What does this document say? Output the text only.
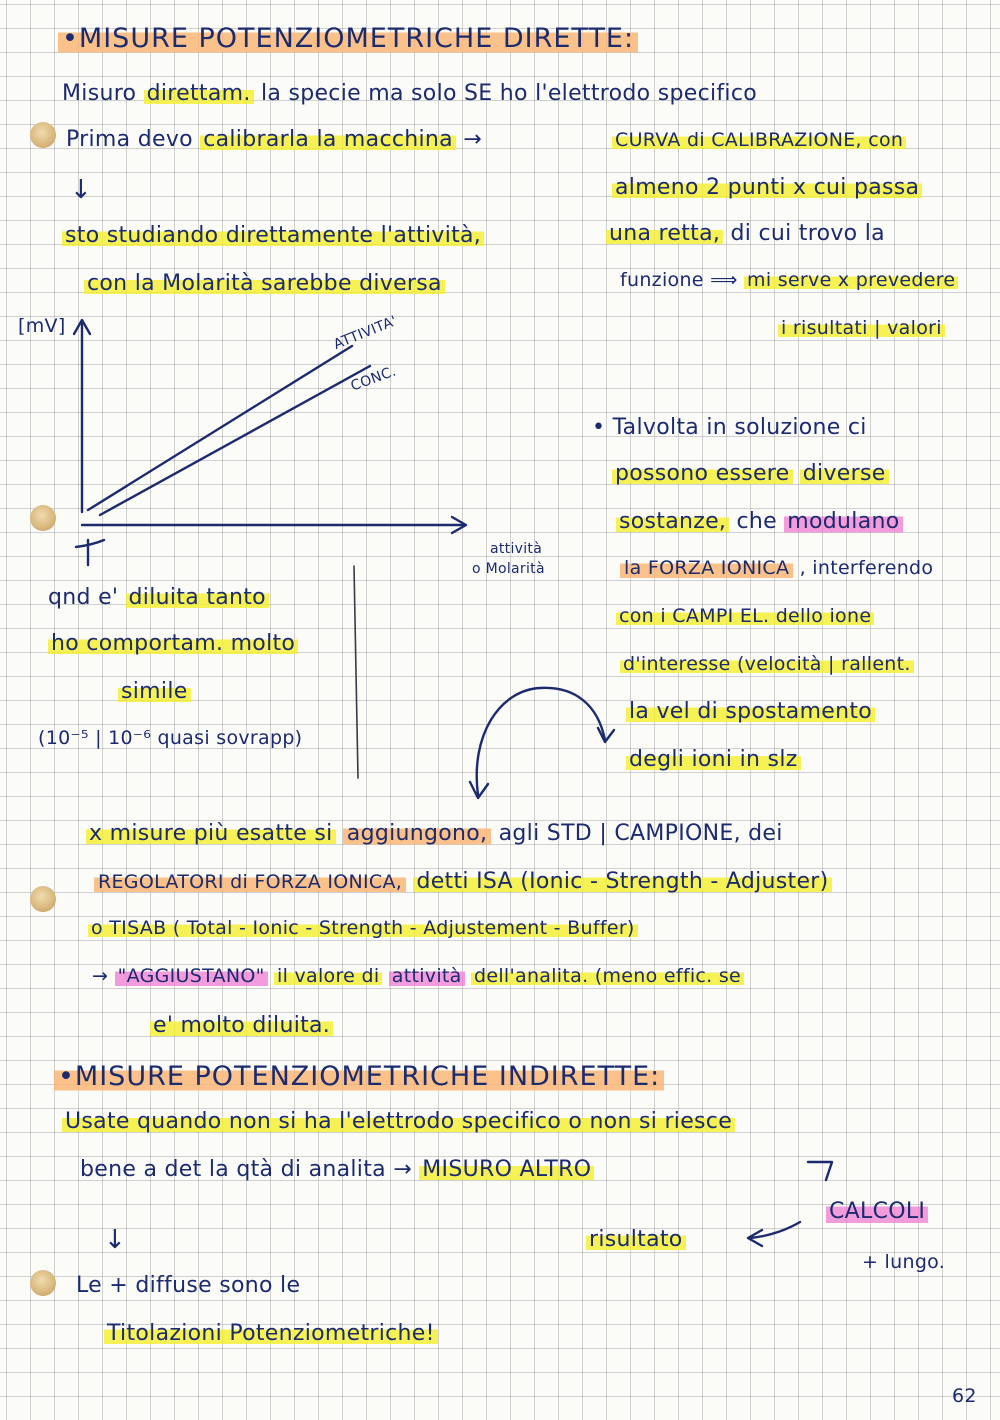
•MISURE POTENZIOMETRICHE DIRETTE:
Misuro direttam. la specie ma solo SE ho l'elettrodo specifico
Prima devo calibrarla la macchina →
↓
sto studiando direttamente l'attività,
con la Molarità sarebbe diversa
CURVA di CALIBRAZIONE, con
almeno 2 punti x cui passa
una retta, di cui trovo la
funzione ⟹ mi serve x prevedere
i risultati | valori
[mV]	ATTIVITA'
CONC.
attività
o Molarità
qnd e' diluita tanto
ho comportam. molto
simile
(10⁻⁵ | 10⁻⁶ quasi sovrapp)
• Talvolta in soluzione ci
possono essere diverse
sostanze, che modulano
la FORZA IONICA , interferendo
con i CAMPI EL. dello ione
d'interesse (velocità | rallent.
la vel di spostamento
degli ioni in slz
x misure più esatte si aggiungono, agli STD | CAMPIONE, dei
REGOLATORI di FORZA IONICA, detti ISA (Ionic - Strength - Adjuster)
o TISAB ( Total - Ionic - Strength - Adjustement - Buffer)
→ "AGGIUSTANO" il valore di attività dell'analita. (meno effic. se
e' molto diluita.
•MISURE POTENZIOMETRICHE INDIRETTE:
Usate quando non si ha l'elettrodo specifico o non si riesce
bene a det la qtà di analita → MISURO ALTRO
CALCOLI
risultato
+ lungo.
↓
Le + diffuse sono le
Titolazioni Potenziometriche!
62
